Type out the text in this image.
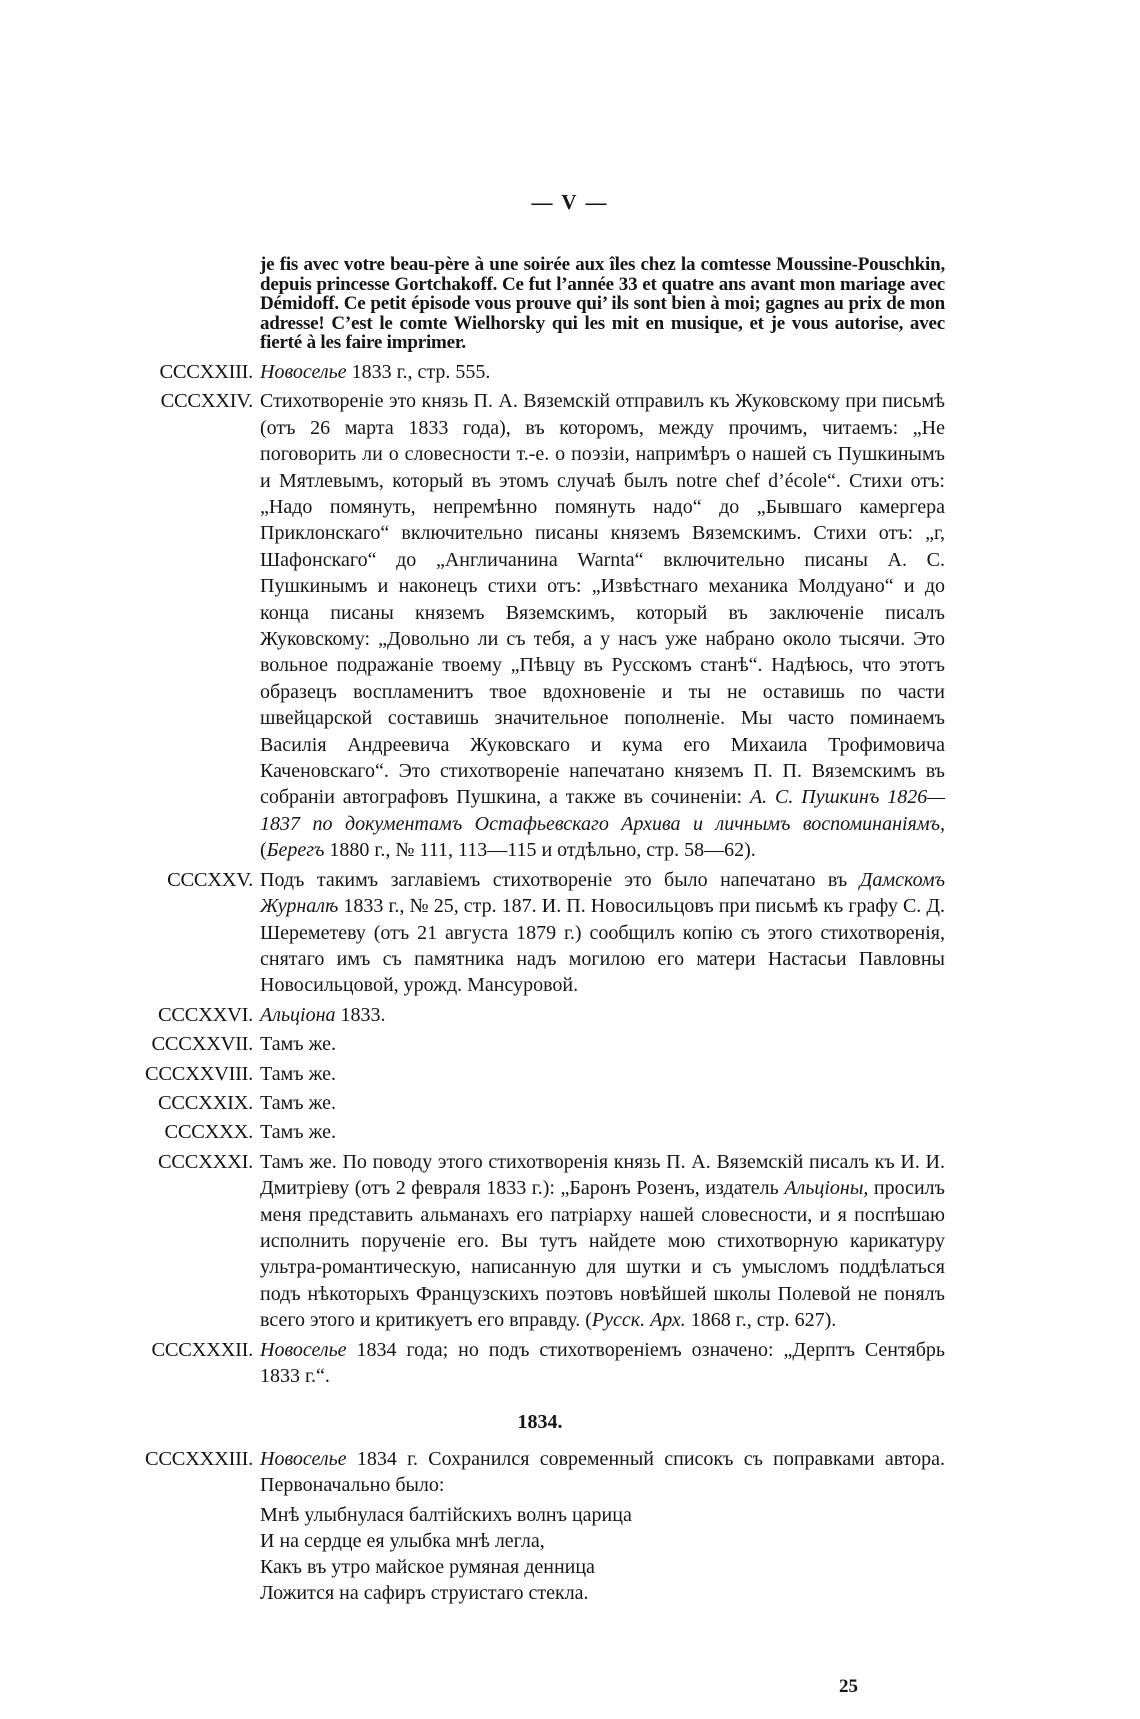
— V —
je fis avec votre beau-père à une soirée aux îles chez la comtesse Moussine-Pouschkin, depuis princesse Gortchakoff. Ce fut l’année 33 et quatre ans avant mon mariage avec Démidoff. Ce petit épisode vous prouve qui’ ils sont bien à moi; gagnes au prix de mon adresse! C’est le comte Wielhorsky qui les mit en musique, et je vous autorise, avec fierté à les faire imprimer.
CCCXXIII. Новоселье 1833 г., стр. 555.
CCCXXIV. Стихотвореніе это князь П. А. Вяземскій отправилъ къ Жуковскому при письмѣ (отъ 26 марта 1833 года), въ которомъ, между прочимъ, читаемъ: „Не поговорить ли о словесности т.-е. о поэзіи, напримѣръ о нашей съ Пушкинымъ и Мятлевымъ, который въ этомъ случаѣ былъ notre chef d’école“. Стихи отъ: „Надо помянуть, непремѣнно помянуть надо“ до „Бывшаго камергера Приклонскаго“ включительно писаны княземъ Вяземскимъ. Стихи отъ: „г, Шафонскаго“ до „Англичанина Warnta“ включительно писаны А. С. Пушкинымъ и наконецъ стихи отъ: „Извѣстнаго механика Молдуано“ и до конца писаны княземъ Вяземскимъ, который въ заключеніе писалъ Жуковскому: „Довольно ли съ тебя, а у насъ уже набрано около тысячи. Это вольное подражаніе твоему „Пѣвцу въ Русскомъ станѣ“. Надѣюсь, что этотъ образецъ воспламенитъ твое вдохновеніе и ты не оставишь по части швейцарской составишь значительное пополненіе. Мы часто поминаемъ Василія Андреевича Жуковскаго и кума его Михаила Трофимовича Каченовскаго“. Это стихотвореніе напечатано княземъ П. П. Вяземскимъ въ собраніи автографовъ Пушкина, а также въ сочиненіи: А. С. Пушкинъ 1826—1837 по документамъ Остафьевскаго Архива и личнымъ воспоминаніямъ, (Берегъ 1880 г., № 111, 113—115 и отдѣльно, стр. 58—62).
CCCXXV. Подъ такимъ заглавіемъ стихотвореніе это было напечатано въ Дамскомъ Журналѣ 1833 г., № 25, стр. 187. И. П. Новосильцовъ при письмѣ къ графу С. Д. Шереметеву (отъ 21 августа 1879 г.) сообщилъ копію съ этого стихотворенія, снятаго имъ съ памятника надъ могилою его матери Настасьи Павловны Новосильцовой, урожд. Мансуровой.
CCCXXVI. Альціона 1833.
CCCXXVII. Тамъ же.
CCCXXVIII. Тамъ же.
CCCXXIX. Тамъ же.
CCCXXX. Тамъ же.
CCCXXXI. Тамъ же. По поводу этого стихотворенія князь П. А. Вяземскій писалъ къ И. И. Дмитріеву (отъ 2 февраля 1833 г.): „Баронъ Розенъ, издатель Альціоны, просилъ меня представить альманахъ его патріарху нашей словесности, и я поспѣшаю исполнить порученіе его. Вы тутъ найдете мою стихотворную карикатуру ультра-романтическую, написанную для шутки и съ умысломъ поддѣлаться подъ нѣкоторыхъ Французскихъ поэтовъ новѣйшей школы Полевой не понялъ всего этого и критикуетъ его вправду. (Русск. Арх. 1868 г., стр. 627).
CCCXXXII. Новоселье 1834 года; но подъ стихотвореніемъ означено: „Дерптъ Сентябрь 1833 г.“.
1834.
CCCXXXIII. Новоселье 1834 г. Сохранился современный списокъ съ поправками автора. Первоначально было:
Мнѣ улыбнулася балтійскихъ волнъ царица
И на сердце ея улыбка мнѣ легла,
Какъ въ утро майское румяная денница
Ложится на сафиръ струистаго стекла.
25
